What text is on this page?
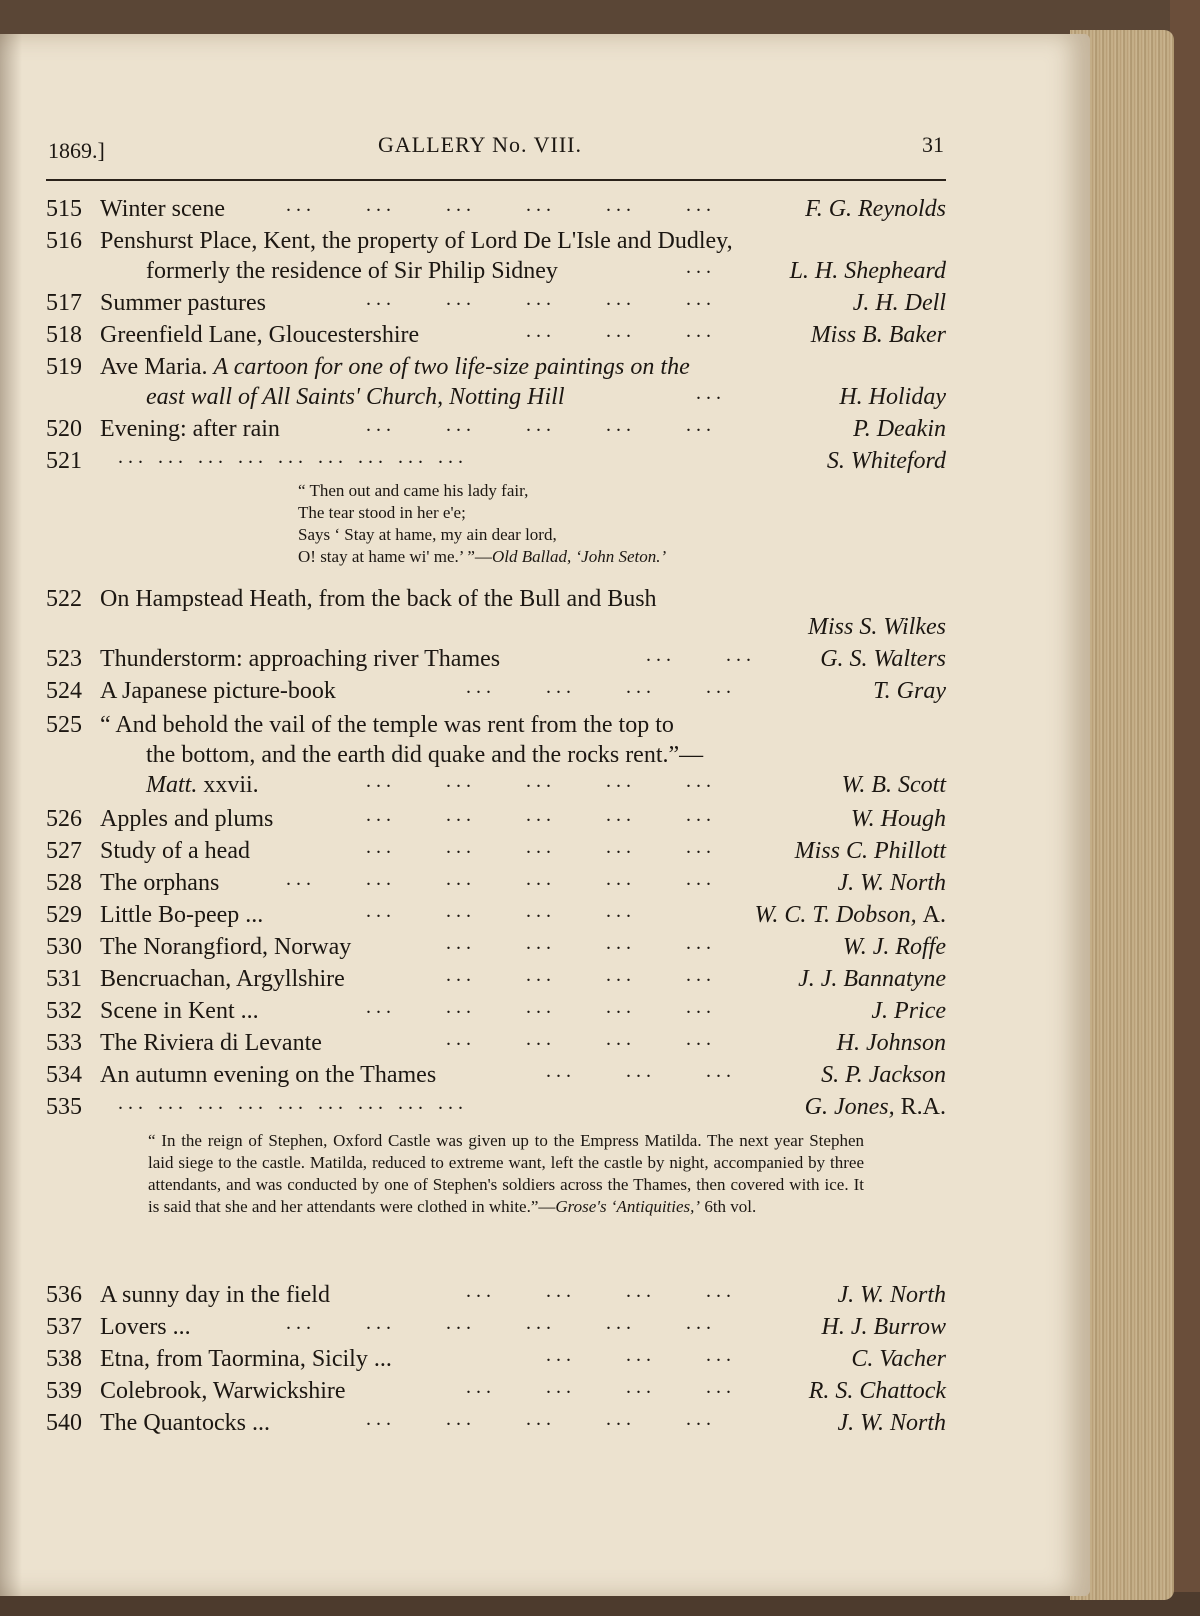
1869.]	GALLERY No. VIII.	31
515 Winter scene	...     ...     ...     ...     ...     ...	F. G. Reynolds
516 Penshurst Place, Kent, the property of Lord De L'Isle and Dudley,
formerly the residence of Sir Philip Sidney	...	L. H. Shepheard
517 Summer pastures	...     ...     ...     ...     ...	J. H. Dell
518 Greenfield Lane, Gloucestershire	...     ...     ...	Miss B. Baker
519 Ave Maria. A cartoon for one of two life-size paintings on the
east wall of All Saints' Church, Notting Hill	...	H. Holiday
520 Evening: after rain	...     ...     ...     ...     ...	P. Deakin
521 ... ... ... ... ... ... ... ... ...	S. Whiteford
“ Then out and came his lady fair,
The tear stood in her e'e;
Says ‘ Stay at hame, my ain dear lord,
O! stay at hame wi' me.’ ”—Old Ballad, ‘John Seton.’
522 On Hampstead Heath, from the back of the Bull and Bush
Miss S. Wilkes
523 Thunderstorm: approaching river Thames	...     ...	G. S. Walters
524 A Japanese picture-book	...     ...     ...     ...	T. Gray
525 “ And behold the vail of the temple was rent from the top to
the bottom, and the earth did quake and the rocks rent.”—
Matt. xxvii.	...     ...     ...     ...     ...	W. B. Scott
526 Apples and plums	...     ...     ...     ...     ...	W. Hough
527 Study of a head	...     ...     ...     ...     ...	Miss C. Phillott
528 The orphans	...     ...     ...     ...     ...     ...	J. W. North
529 Little Bo-peep ...	...     ...     ...     ...	W. C. T. Dobson, A.
530 The Norangfiord, Norway	...     ...     ...     ...	W. J. Roffe
531 Bencruachan, Argyllshire	...     ...     ...     ...	J. J. Bannatyne
532 Scene in Kent ...	...     ...     ...     ...     ...	J. Price
533 The Riviera di Levante	...     ...     ...     ...	H. Johnson
534 An autumn evening on the Thames	...     ...     ...	S. P. Jackson
535 ... ... ... ... ... ... ... ... ...	G. Jones, R.A.
“ In the reign of Stephen, Oxford Castle was given up to the Empress Matilda. The next year Stephen laid siege to the castle. Matilda, reduced to extreme want, left the castle by night, accompanied by three attendants, and was conducted by one of Stephen's soldiers across the Thames, then covered with ice. It is said that she and her attendants were clothed in white.”—Grose's ‘Antiquities,’ 6th vol.
536 A sunny day in the field	...     ...     ...     ...	J. W. North
537 Lovers ...	...     ...     ...     ...     ...     ...	H. J. Burrow
538 Etna, from Taormina, Sicily ...	...     ...     ...	C. Vacher
539 Colebrook, Warwickshire	...     ...     ...     ...	R. S. Chattock
540 The Quantocks ...	...     ...     ...     ...     ...	J. W. North
